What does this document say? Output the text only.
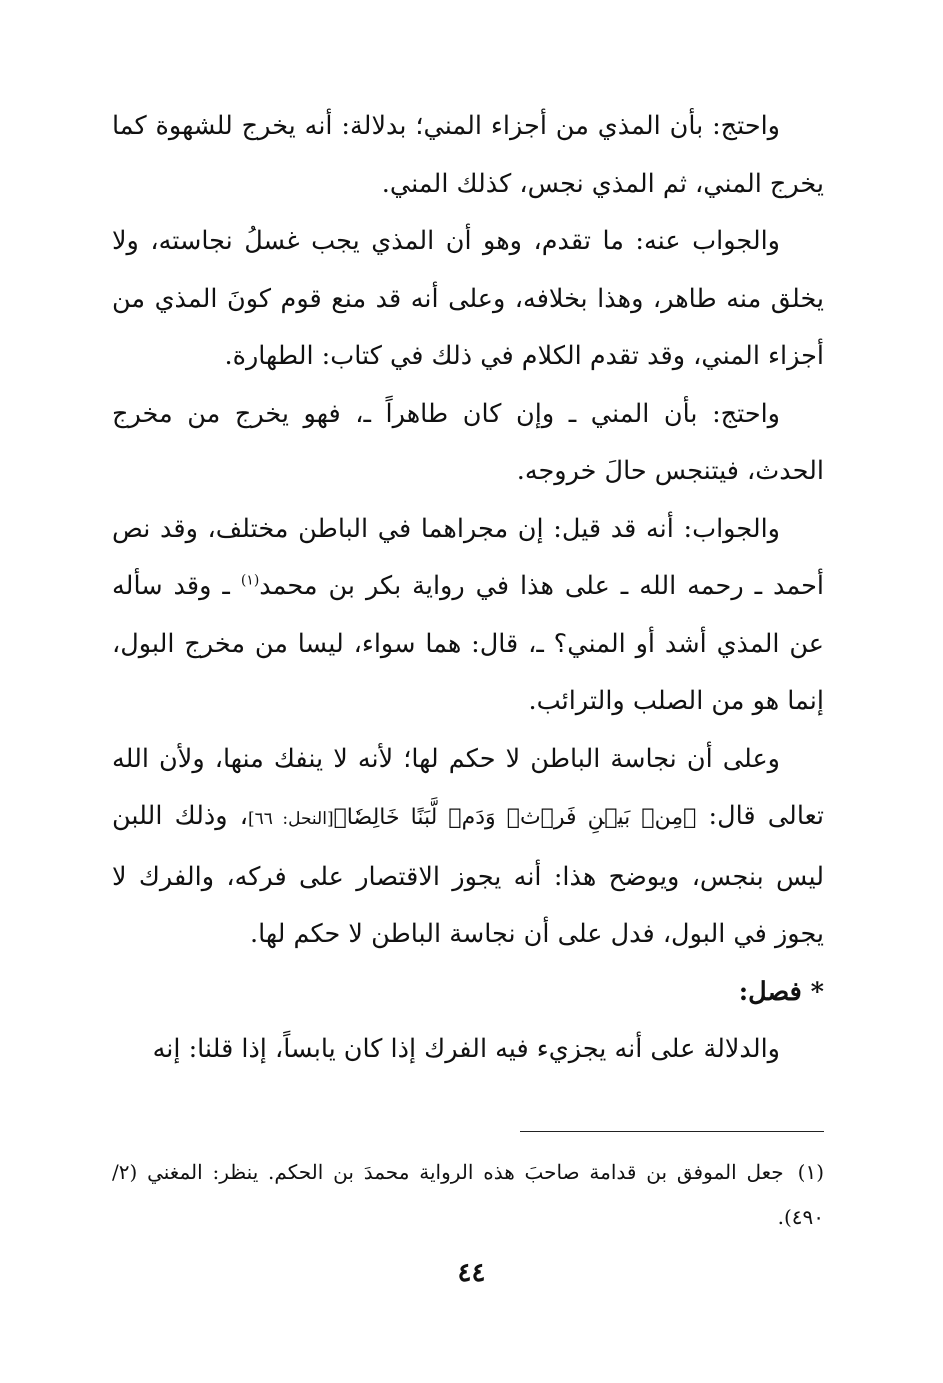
واحتج: بأن المذي من أجزاء المني؛ بدلالة: أنه يخرج للشهوة كما يخرج المني، ثم المذي نجس، كذلك المني.

والجواب عنه: ما تقدم، وهو أن المذي يجب غسلُ نجاسته، ولا يخلق منه طاهر، وهذا بخلافه، وعلى أنه قد منع قوم كونَ المذي من أجزاء المني، وقد تقدم الكلام في ذلك في كتاب: الطهارة.

واحتج: بأن المني ـ وإن كان طاهراً ـ، فهو يخرج من مخرج الحدث، فيتنجس حالَ خروجه.

والجواب: أنه قد قيل: إن مجراهما في الباطن مختلف، وقد نص أحمد ـ رحمه الله ـ على هذا في رواية بكر بن محمد$^{(١)}$ ـ وقد سأله عن المذي أشد أو المني؟ ـ، قال: هما سواء، ليسا من مخرج البول، إنما هو من الصلب والترائب.

وعلى أن نجاسة الباطن لا حكم لها؛ لأنه لا ينفك منها، ولأن الله تعالى قال: ﴿مِنۢ بَيۡنِ فَرۡثٖ وَدَمٖ لَّبَنًا خَالِصٗا﴾[النحل: ٦٦]، وذلك اللبن ليس بنجس، ويوضح هذا: أنه يجوز الاقتصار على فركه، والفرك لا يجوز في البول، فدل على أن نجاسة الباطن لا حكم لها.

* فصل:

والدلالة على أنه يجزيء فيه الفرك إذا كان يابساً، إذا قلنا: إنه

(١)جعل الموفق بن قدامة صاحبَ هذه الرواية محمدَ بن الحكم. ينظر: المغني (٢/ ٤٩٠).
٤٤
